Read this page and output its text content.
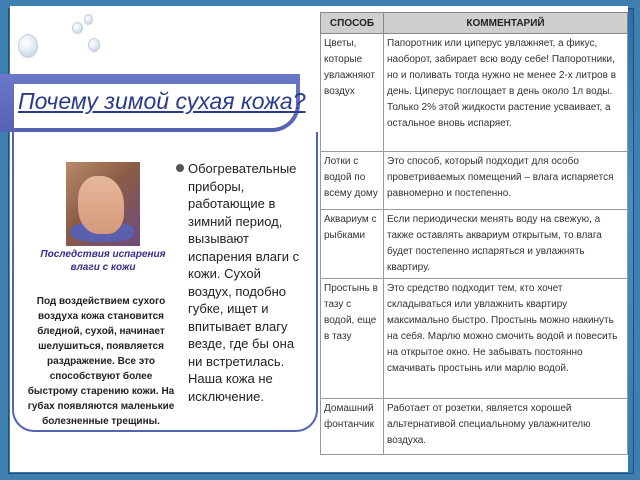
Почему зимой сухая кожа?
Последствия испарения влаги с кожи
Под воздействием сухого воздуха кожа становится бледной, сухой, начинает шелушиться, появляется раздражение. Все это способствуют более быстрому старению кожи. На губах появляются маленькие болезненные трещины.
Обогревательные приборы, работающие в зимний период, вызывают испарения влаги с кожи. Сухой воздух, подобно губке, ищет и впитывает влагу везде, где бы она ни встретилась. Наша кожа не исключение.
СПОСОБ	КОММЕНТАРИЙ
Цветы, которые увлажняют воздух	Папоротник или циперус увлажняет, а фикус, наоборот, забирает всю воду себе! Папоротники, но и поливать тогда нужно не менее 2-х литров в день. Циперус поглощает в день около 1л воды. Только 2% этой жидкости растение усваивает, а остальное вновь испаряет.
Лотки с водой по всему дому	Это способ, который подходит для особо проветриваемых помещений – влага испаряется равномерно и постепенно.
Аквариум с рыбками	Если периодически менять воду на свежую, а также оставлять аквариум открытым, то влага будет постепенно испаряться и увлажнять квартиру.
Простынь в тазу с водой, еще в тазу	Это средство подходит тем, кто хочет складываться или увлажнить квартиру максимально быстро. Простынь можно накинуть на себя. Марлю можно смочить водой и повесить на открытое окно. Не забывать постоянно смачивать простынь или марлю водой.
Домашний фонтанчик	Работает от розетки, является хорошей альтернативой специальному увлажнителю воздуха.
